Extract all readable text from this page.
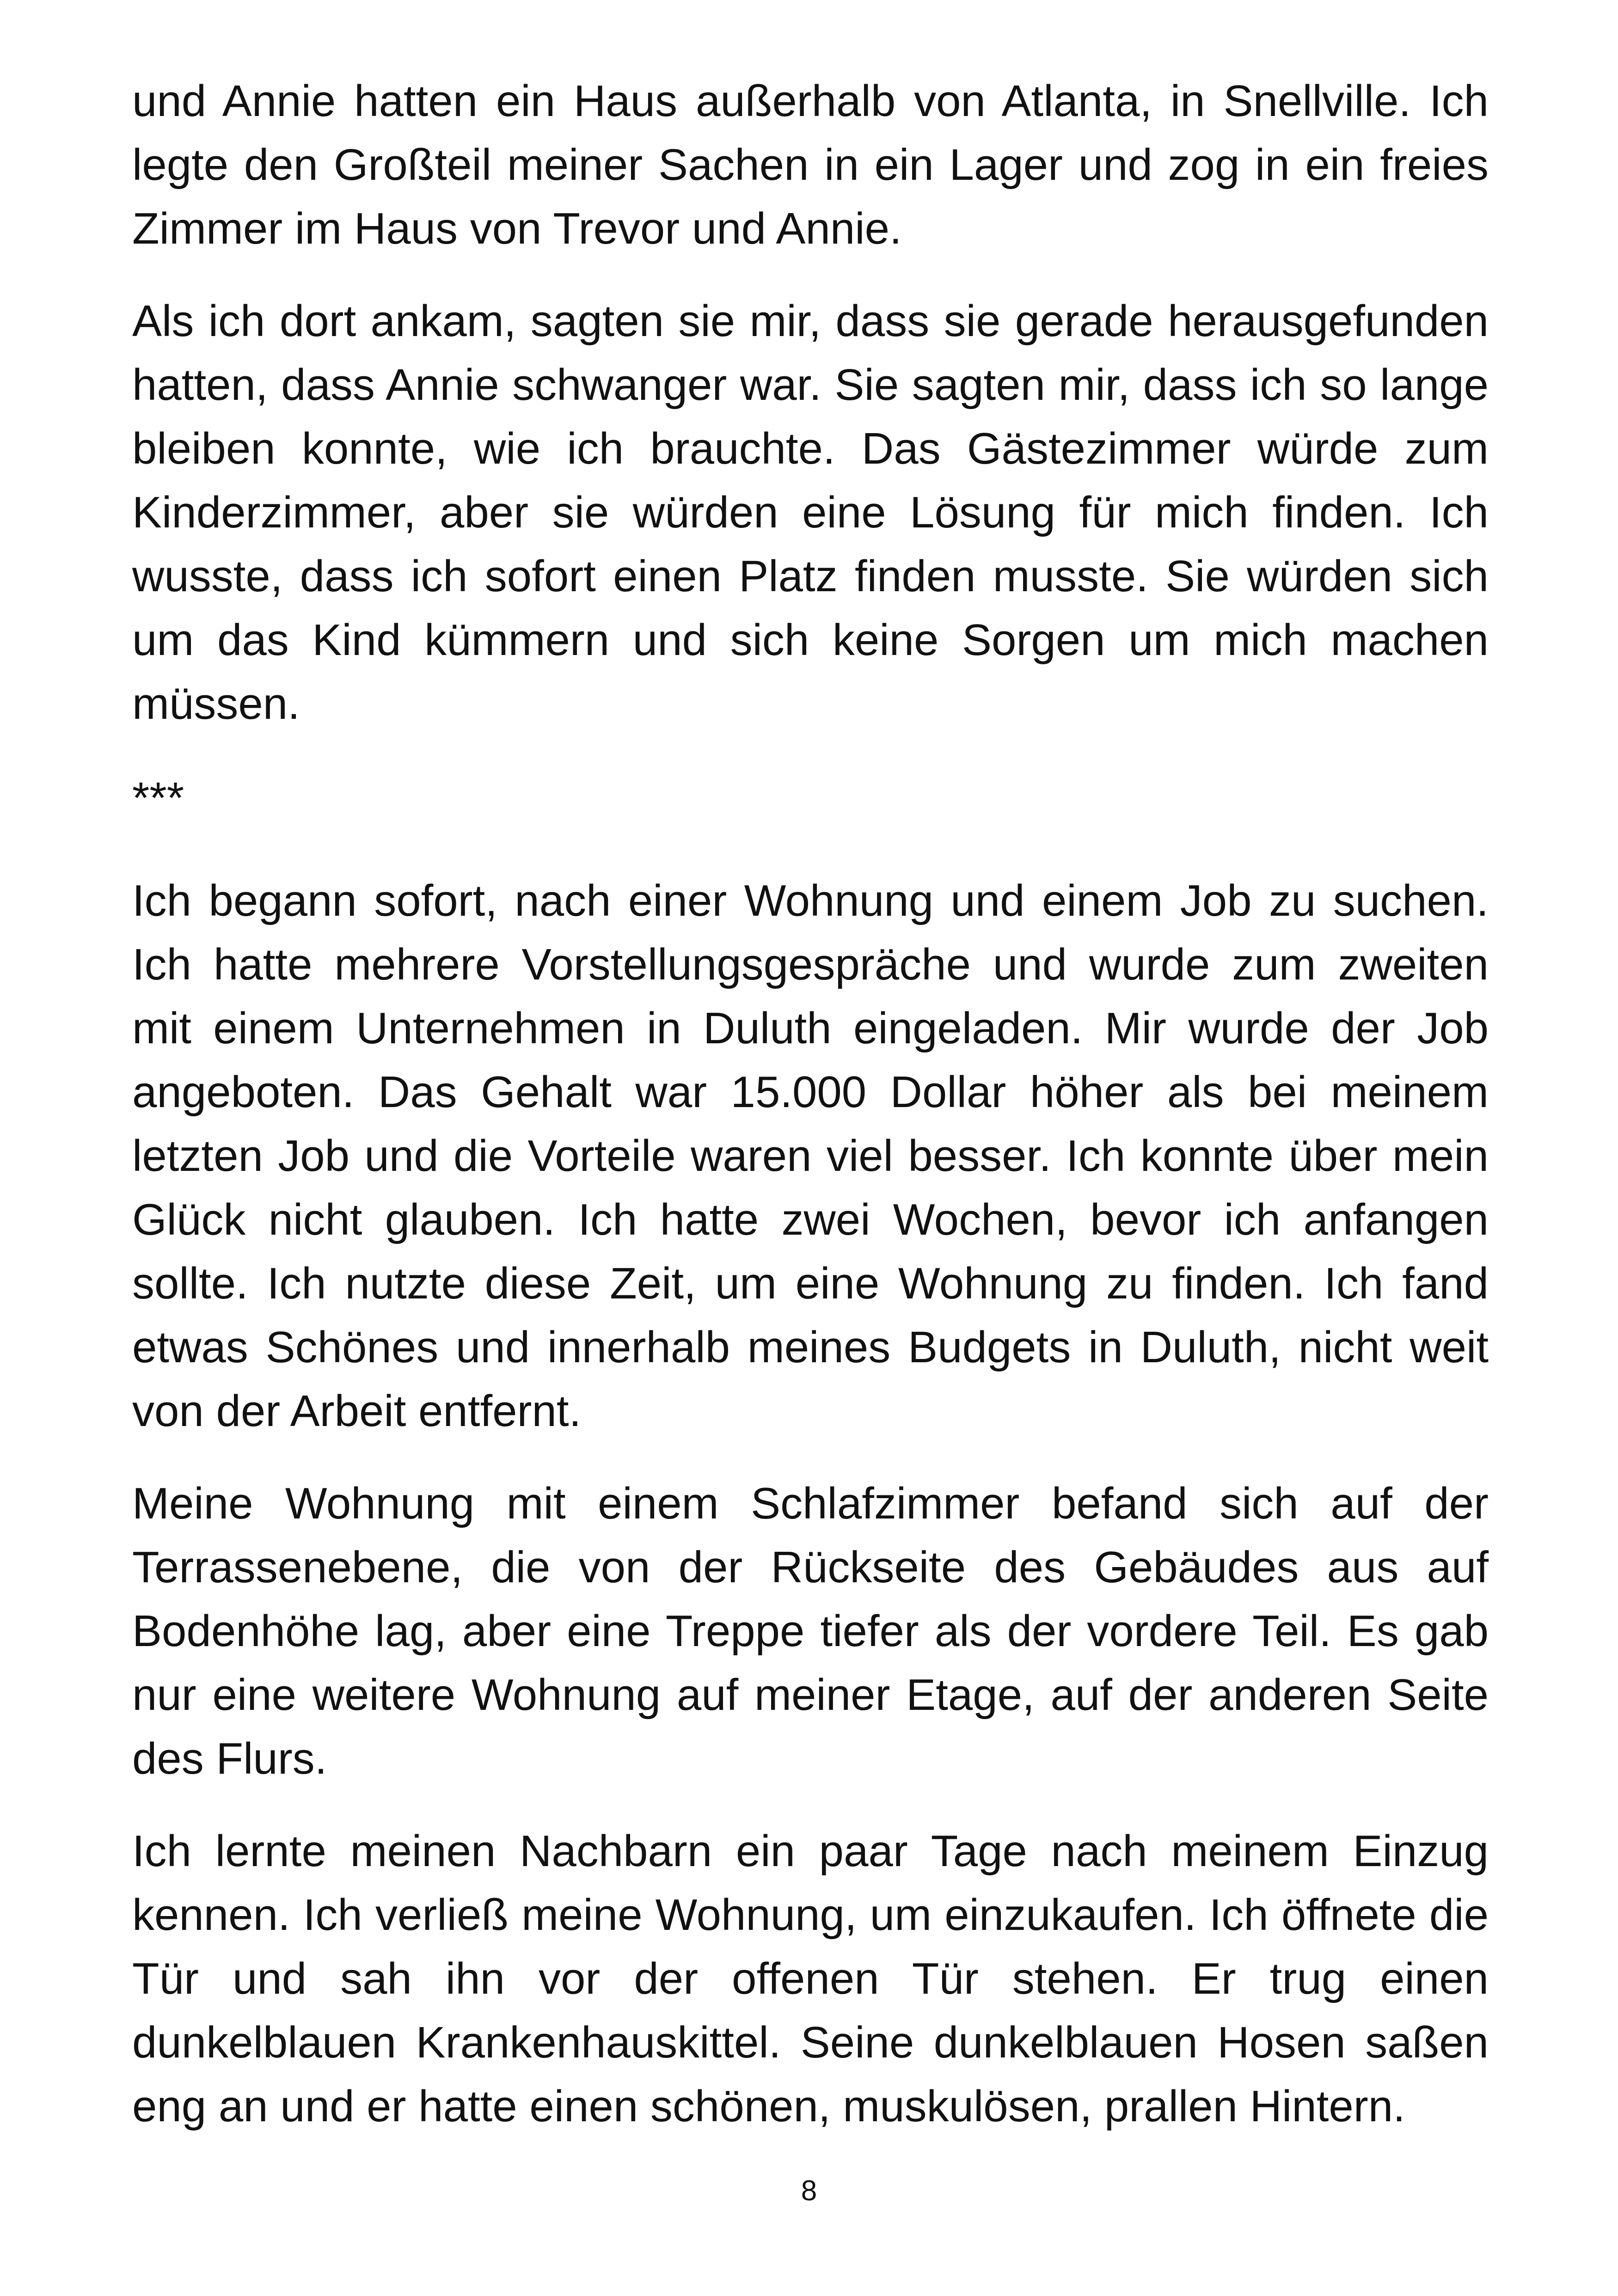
und Annie hatten ein Haus außerhalb von Atlanta, in Snellville. Ich legte den Großteil meiner Sachen in ein Lager und zog in ein freies Zimmer im Haus von Trevor und Annie.

Als ich dort ankam, sagten sie mir, dass sie gerade herausgefunden hatten, dass Annie schwanger war. Sie sagten mir, dass ich so lange bleiben konnte, wie ich brauchte. Das Gästezimmer würde zum Kinderzimmer, aber sie würden eine Lösung für mich finden. Ich wusste, dass ich sofort einen Platz finden musste. Sie würden sich um das Kind kümmern und sich keine Sorgen um mich machen müssen.

***

Ich begann sofort, nach einer Wohnung und einem Job zu suchen. Ich hatte mehrere Vorstellungsgespräche und wurde zum zweiten mit einem Unternehmen in Duluth eingeladen. Mir wurde der Job angeboten. Das Gehalt war 15.000 Dollar höher als bei meinem letzten Job und die Vorteile waren viel besser. Ich konnte über mein Glück nicht glauben. Ich hatte zwei Wochen, bevor ich anfangen sollte. Ich nutzte diese Zeit, um eine Wohnung zu finden. Ich fand etwas Schönes und innerhalb meines Budgets in Duluth, nicht weit von der Arbeit entfernt.

Meine Wohnung mit einem Schlafzimmer befand sich auf der Terrassenebene, die von der Rückseite des Gebäudes aus auf Bodenhöhe lag, aber eine Treppe tiefer als der vordere Teil. Es gab nur eine weitere Wohnung auf meiner Etage, auf der anderen Seite des Flurs.

Ich lernte meinen Nachbarn ein paar Tage nach meinem Einzug kennen. Ich verließ meine Wohnung, um einzukaufen. Ich öffnete die Tür und sah ihn vor der offenen Tür stehen. Er trug einen dunkelblauen Krankenhauskittel. Seine dunkelblauen Hosen saßen eng an und er hatte einen schönen, muskulösen, prallen Hintern.

8
